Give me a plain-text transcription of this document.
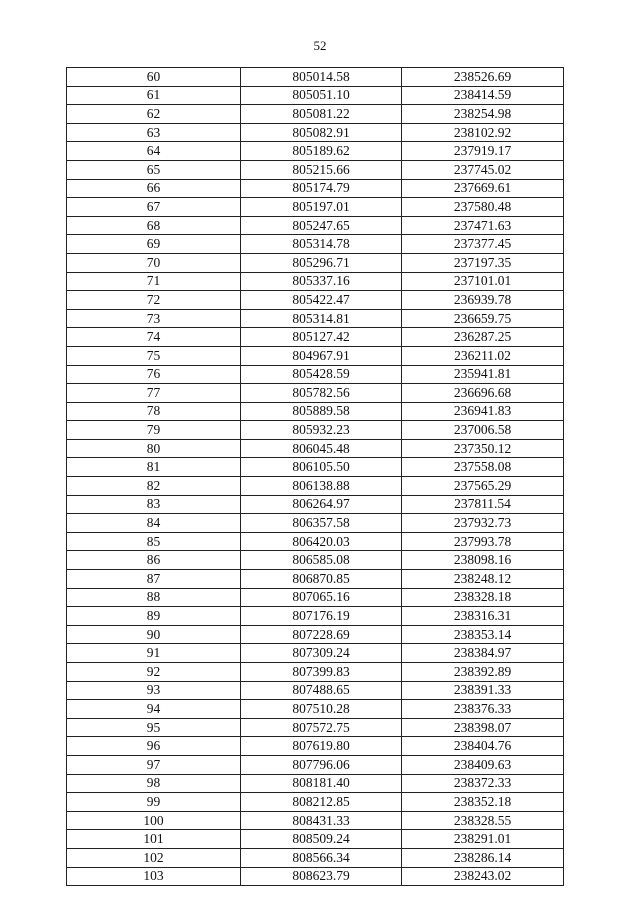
52
60	805014.58	238526.69
61	805051.10	238414.59
62	805081.22	238254.98
63	805082.91	238102.92
64	805189.62	237919.17
65	805215.66	237745.02
66	805174.79	237669.61
67	805197.01	237580.48
68	805247.65	237471.63
69	805314.78	237377.45
70	805296.71	237197.35
71	805337.16	237101.01
72	805422.47	236939.78
73	805314.81	236659.75
74	805127.42	236287.25
75	804967.91	236211.02
76	805428.59	235941.81
77	805782.56	236696.68
78	805889.58	236941.83
79	805932.23	237006.58
80	806045.48	237350.12
81	806105.50	237558.08
82	806138.88	237565.29
83	806264.97	237811.54
84	806357.58	237932.73
85	806420.03	237993.78
86	806585.08	238098.16
87	806870.85	238248.12
88	807065.16	238328.18
89	807176.19	238316.31
90	807228.69	238353.14
91	807309.24	238384.97
92	807399.83	238392.89
93	807488.65	238391.33
94	807510.28	238376.33
95	807572.75	238398.07
96	807619.80	238404.76
97	807796.06	238409.63
98	808181.40	238372.33
99	808212.85	238352.18
100	808431.33	238328.55
101	808509.24	238291.01
102	808566.34	238286.14
103	808623.79	238243.02
